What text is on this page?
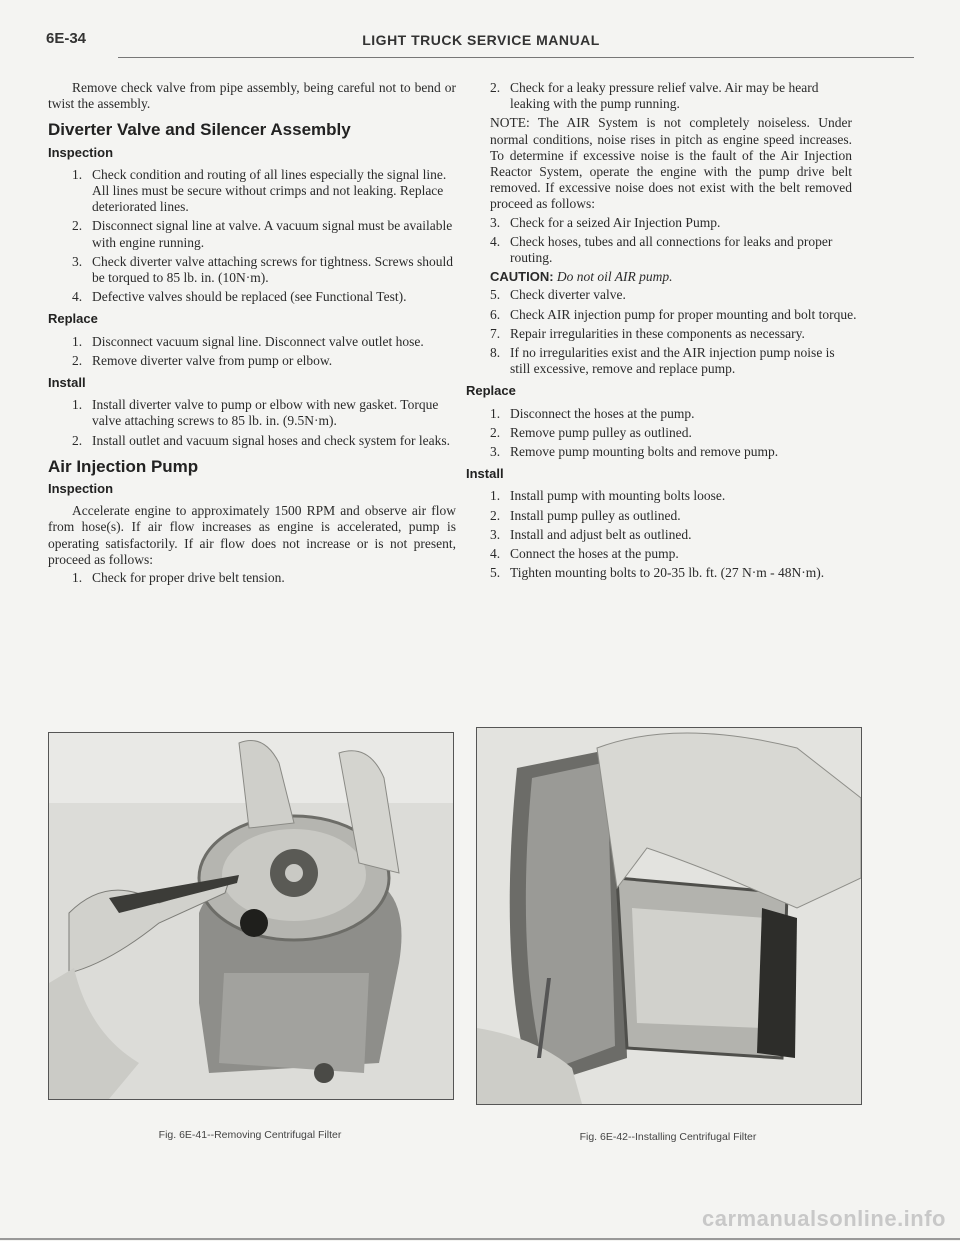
6E-34	LIGHT TRUCK SERVICE MANUAL

Remove check valve from pipe assembly, being careful not to bend or twist the assembly.

Diverter Valve and Silencer Assembly
Inspection
1. Check condition and routing of all lines especially the signal line. All lines must be secure without crimps and not leaking. Replace deteriorated lines.
2. Disconnect signal line at valve. A vacuum signal must be available with engine running.
3. Check diverter valve attaching screws for tightness. Screws should be torqued to 85 lb. in. (10N·m).
4. Defective valves should be replaced (see Functional Test).
Replace
1. Disconnect vacuum signal line. Disconnect valve outlet hose.
2. Remove diverter valve from pump or elbow.
Install
1. Install diverter valve to pump or elbow with new gasket. Torque valve attaching screws to 85 lb. in. (9.5N·m).
2. Install outlet and vacuum signal hoses and check system for leaks.
Air Injection Pump
Inspection

Accelerate engine to approximately 1500 RPM and observe air flow from hose(s). If air flow increases as engine is accelerated, pump is operating satisfactorily. If air flow does not increase or is not present, proceed as follows:

1. Check for proper drive belt tension.
2. Check for a leaky pressure relief valve. Air may be heard leaking with the pump running.

NOTE: The AIR System is not completely noiseless. Under normal conditions, noise rises in pitch as engine speed increases. To determine if excessive noise is the fault of the Air Injection Reactor System, operate the engine with the pump drive belt removed. If excessive noise does not exist with the belt removed proceed as follows:

3. Check for a seized Air Injection Pump.
4. Check hoses, tubes and all connections for leaks and proper routing.

CAUTION: Do not oil AIR pump.

5. Check diverter valve.
6. Check AIR injection pump for proper mounting and bolt torque.
7. Repair irregularities in these components as necessary.
8. If no irregularities exist and the AIR injection pump noise is still excessive, remove and replace pump.
Replace
1. Disconnect the hoses at the pump.
2. Remove pump pulley as outlined.
3. Remove pump mounting bolts and remove pump.
Install
1. Install pump with mounting bolts loose.
2. Install pump pulley as outlined.
3. Install and adjust belt as outlined.
4. Connect the hoses at the pump.
5. Tighten mounting bolts to 20-35 lb. ft. (27 N·m - 48N·m).
Fig. 6E-41--Removing Centrifugal Filter	Fig. 6E-42--Installing Centrifugal Filter
carmanualsonline.info
